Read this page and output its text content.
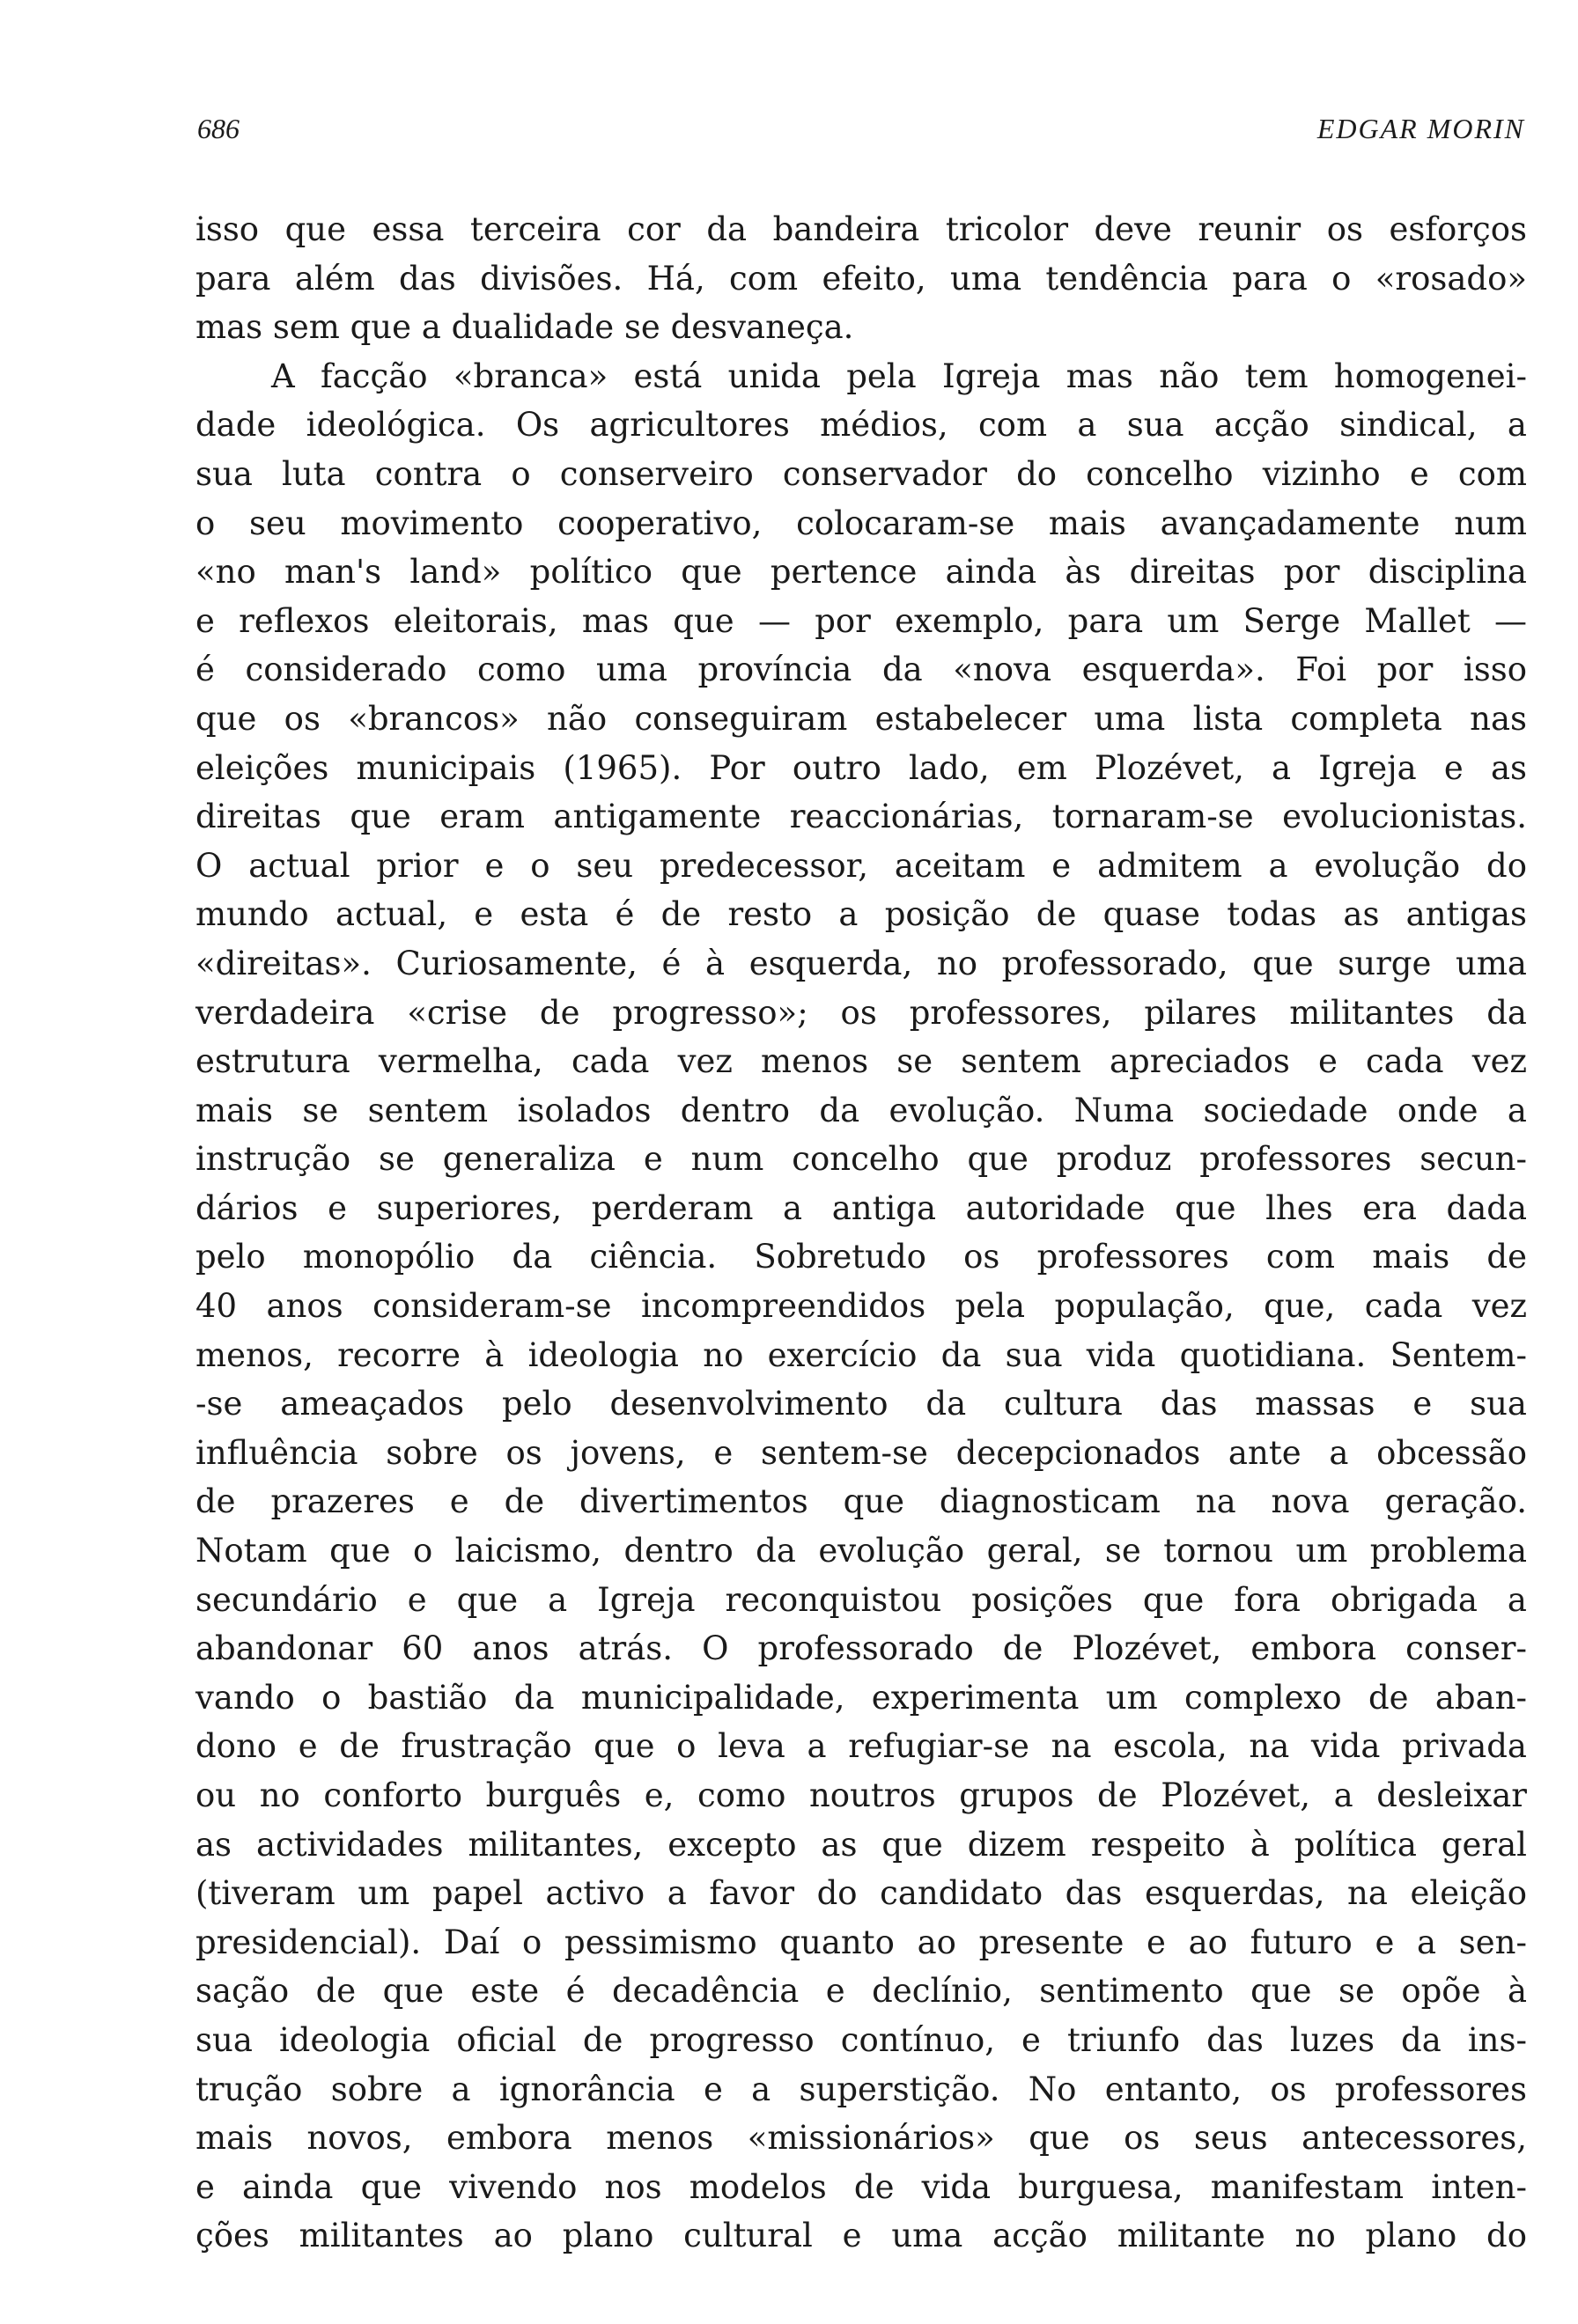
686	EDGAR MORIN
isso que essa terceira cor da bandeira tricolor deve reunir os esforços
para além das divisões. Há, com efeito, uma tendência para o «rosado»
mas sem que a dualidade se desvaneça.
A facção «branca» está unida pela Igreja mas não tem homogenei-
dade ideológica. Os agricultores médios, com a sua acção sindical, a
sua luta contra o conserveiro conservador do concelho vizinho e com
o seu movimento cooperativo, colocaram-se mais avançadamente num
«no man's land» político que pertence ainda às direitas por disciplina
e reflexos eleitorais, mas que — por exemplo, para um Serge Mallet —
é considerado como uma província da «nova esquerda». Foi por isso
que os «brancos» não conseguiram estabelecer uma lista completa nas
eleições municipais (1965). Por outro lado, em Plozévet, a Igreja e as
direitas que eram antigamente reaccionárias, tornaram-se evolucionistas.
O actual prior e o seu predecessor, aceitam e admitem a evolução do
mundo actual, e esta é de resto a posição de quase todas as antigas
«direitas». Curiosamente, é à esquerda, no professorado, que surge uma
verdadeira «crise de progresso»; os professores, pilares militantes da
estrutura vermelha, cada vez menos se sentem apreciados e cada vez
mais se sentem isolados dentro da evolução. Numa sociedade onde a
instrução se generaliza e num concelho que produz professores secun-
dários e superiores, perderam a antiga autoridade que lhes era dada
pelo monopólio da ciência. Sobretudo os professores com mais de
40 anos consideram-se incompreendidos pela população, que, cada vez
menos, recorre à ideologia no exercício da sua vida quotidiana. Sentem-
-se ameaçados pelo desenvolvimento da cultura das massas e sua
influência sobre os jovens, e sentem-se decepcionados ante a obcessão
de prazeres e de divertimentos que diagnosticam na nova geração.
Notam que o laicismo, dentro da evolução geral, se tornou um problema
secundário e que a Igreja reconquistou posições que fora obrigada a
abandonar 60 anos atrás. O professorado de Plozévet, embora conser-
vando o bastião da municipalidade, experimenta um complexo de aban-
dono e de frustração que o leva a refugiar-se na escola, na vida privada
ou no conforto burguês e, como noutros grupos de Plozévet, a desleixar
as actividades militantes, excepto as que dizem respeito à política geral
(tiveram um papel activo a favor do candidato das esquerdas, na eleição
presidencial). Daí o pessimismo quanto ao presente e ao futuro e a sen-
sação de que este é decadência e declínio, sentimento que se opõe à
sua ideologia oficial de progresso contínuo, e triunfo das luzes da ins-
trução sobre a ignorância e a superstição. No entanto, os professores
mais novos, embora menos «missionários» que os seus antecessores,
e ainda que vivendo nos modelos de vida burguesa, manifestam inten-
ções militantes ao plano cultural e uma acção militante no plano do
